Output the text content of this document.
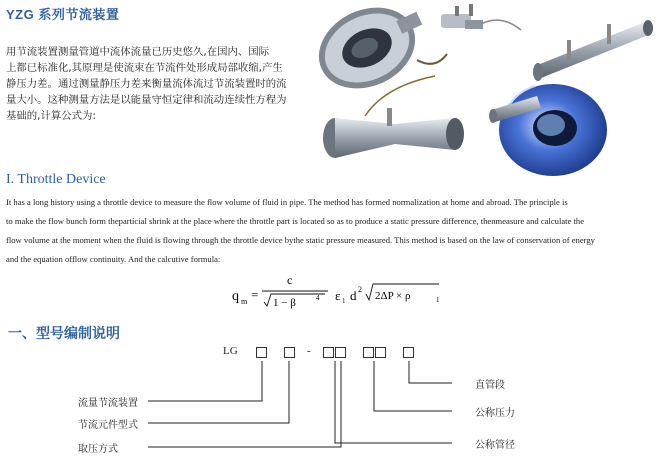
YZG 系列节流装置
用节流装置测量管道中流体流量已历史悠久,在国内、国际
上都已标准化,其原理是使流束在节流件处形成局部收缩,产生
静压力差。通过测量静压力差来衡量流体流过节流装置时的流
量大小。这种测量方法是以能量守恒定律和流动连续性方程为
基础的,计算公式为:
I. Throttle Device
It has a long history using a throttle device to measure the flow volume of fluid in pipe. The method has formed normalization at home and abroad. The principle is
to make the flow bunch form thepartícial shrink at the place where the throttle part is located so as to produce a static pressure difference, thenmeasure and calculate the
flow volume at the moment when the fluid is flowing through the throttle device bythe static pressure measured. This method is based on the law of conservation of energy
and the equation offlow continuity. And the calcutive formula:
q m =
c
1 − β	4 ε 1 d 2
2ΔP × ρ	1
一、型号编制说明
LG	-
流量节流装置
节流元件型式
取压方式
直管段
公称压力
公称管径
